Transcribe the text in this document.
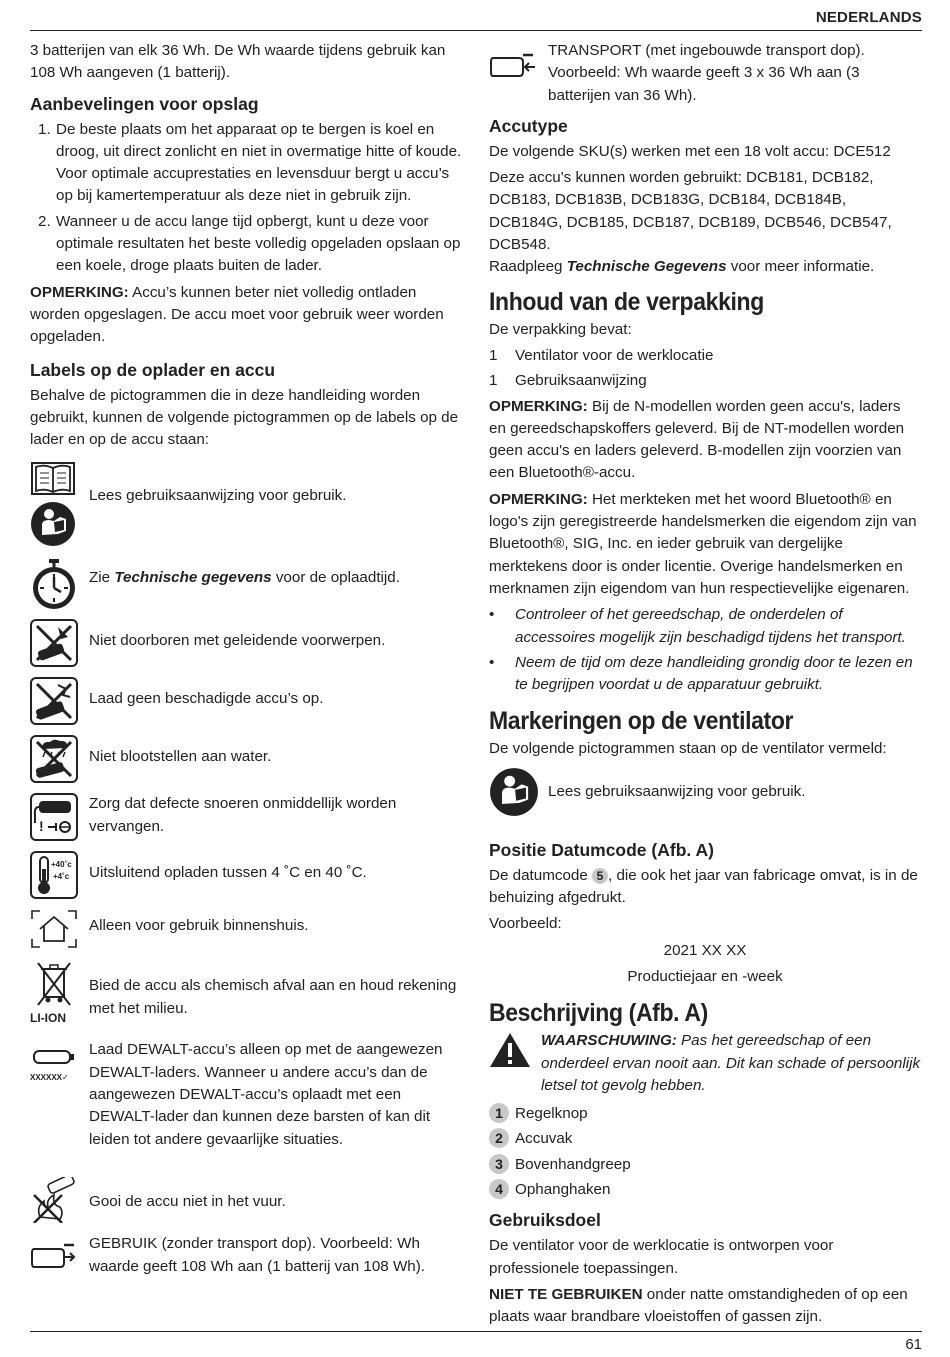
NEDERLANDS

3 batterijen van elk 36 Wh. De Wh waarde tijdens gebruik kan 108 Wh aangeven (1 batterij).

Aanbevelingen voor opslag
1. De beste plaats om het apparaat op te bergen is koel en droog, uit direct zonlicht en niet in overmatige hitte of koude. Voor optimale accuprestaties en levensduur bergt u accu’s op bij kamertemperatuur als deze niet in gebruik zijn.
2. Wanneer u de accu lange tijd opbergt, kunt u deze voor optimale resultaten het beste volledig opgeladen opslaan op een koele, droge plaats buiten de lader.

OPMERKING: Accu’s kunnen beter niet volledig ontladen worden opgeslagen. De accu moet voor gebruik weer worden opgeladen.

Labels op de oplader en accu

Behalve de pictogrammen die in deze handleiding worden gebruikt, kunnen de volgende pictogrammen op de labels op de lader en op de accu staan:

Lees gebruiksaanwijzing voor gebruik.
Zie Technische gegevens voor de oplaadtijd.
Niet doorboren met geleidende voorwerpen.
Laad geen beschadigde accu’s op.
Niet blootstellen aan water.
!
Zorg dat defecte snoeren onmiddellijk worden vervangen.
+40˚c
+4˚c Uitsluitend opladen tussen 4 ˚C en 40 ˚C.
Alleen voor gebruik binnenshuis.
LI-ION
Bied de accu als chemisch afval aan en houd rekening met het milieu.
XXXXXX✓
Laad DEWALT-accu’s alleen op met de aangewezen DEWALT-laders. Wanneer u andere accu’s dan de aangewezen DEWALT-accu’s oplaadt met een DEWALT-lader dan kunnen deze barsten of kan dit leiden tot andere gevaarlijke situaties.
Gooi de accu niet in het vuur.
GEBRUIK (zonder transport dop). Voorbeeld: Wh waarde geeft 108 Wh aan (1 batterij van 108 Wh).
TRANSPORT (met ingebouwde transport dop). Voorbeeld: Wh waarde geeft 3 x 36 Wh aan (3 batterijen van 36 Wh).
Accutype

De volgende SKU(s) werken met een 18 volt accu: DCE512

Deze accu's kunnen worden gebruikt: DCB181, DCB182, DCB183, DCB183B, DCB183G, DCB184, DCB184B, DCB184G, DCB185, DCB187, DCB189, DCB546, DCB547, DCB548.

Raadpleeg Technische Gegevens voor meer informatie.

Inhoud van de verpakking

De verpakking bevat:

1 Ventilator voor de werklocatie
1 Gebruiksaanwijzing

OPMERKING: Bij de N-modellen worden geen accu's, laders en gereedschapskoffers geleverd. Bij de NT-modellen worden geen accu's en laders geleverd. B-modellen zijn voorzien van een Bluetooth®-accu.

OPMERKING: Het merkteken met het woord Bluetooth® en logo's zijn geregistreerde handelsmerken die eigendom zijn van Bluetooth®, SIG, Inc. en ieder gebruik van dergelijke merktekens door is onder licentie. Overige handelsmerken en merknamen zijn eigendom van hun respectievelijke eigenaren.

• Controleer of het gereedschap, de onderdelen of accessoires mogelijk zijn beschadigd tijdens het transport.
• Neem de tijd om deze handleiding grondig door te lezen en te begrijpen voordat u de apparatuur gebruikt.
Markeringen op de ventilator

De volgende pictogrammen staan op de ventilator vermeld:

Lees gebruiksaanwijzing voor gebruik.
Positie Datumcode (Afb. A)

De datumcode 5 , die ook het jaar van fabricage omvat, is in de behuizing afgedrukt.

Voorbeeld:

2021 XX XX

Productiejaar en -week

Beschrijving (Afb. A)
WAARSCHUWING: Pas het gereedschap of een onderdeel ervan nooit aan. Dit kan schade of persoonlijk letsel tot gevolg hebben.
1 Regelknop
2 Accuvak
3 Bovenhandgreep
4 Ophanghaken
Gebruiksdoel

De ventilator voor de werklocatie is ontworpen voor professionele toepassingen.

NIET TE GEBRUIKEN onder natte omstandigheden of op een plaats waar brandbare vloeistoffen of gassen zijn.

61
